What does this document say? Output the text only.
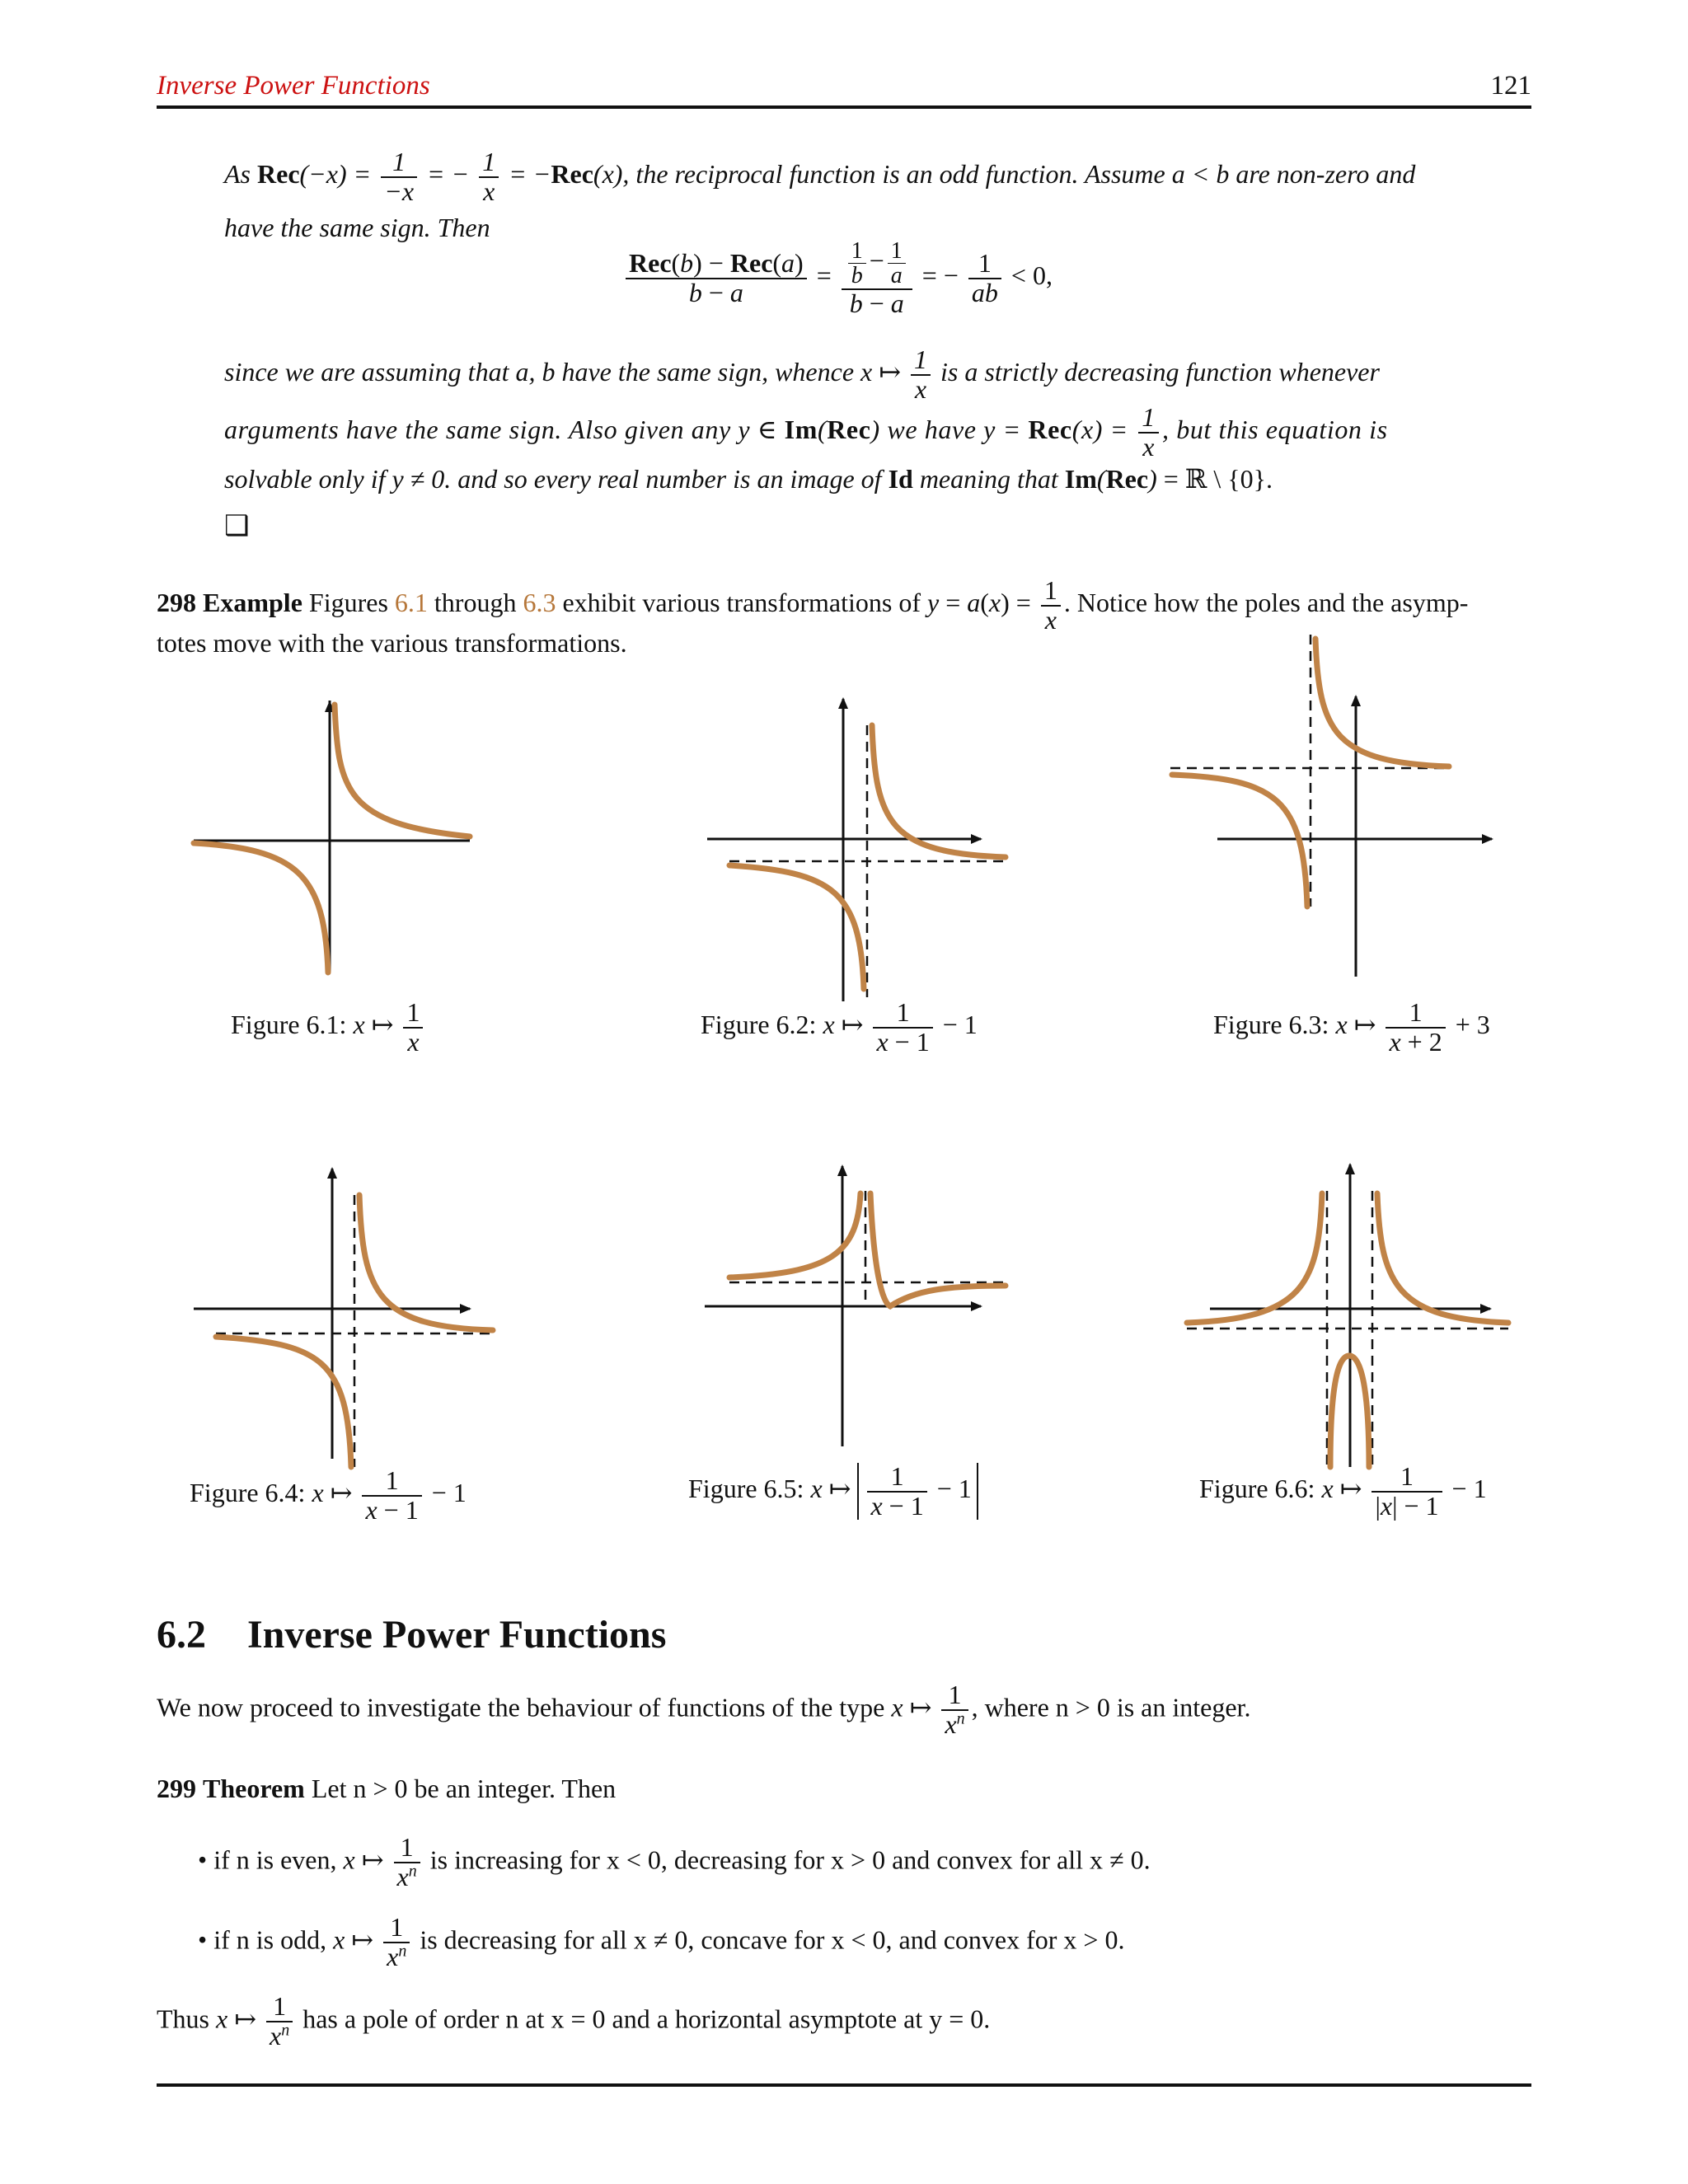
Inverse Power Functions	121
As $Rec(-x) = \frac{1}{-x}$ = − $\frac{1}{x} = -Rec(x)$, the reciprocal function is an odd function. Assume a < b are non-zero and
have the same sign. Then
$\frac{\text{Rec(b) − Rec(a)}}{b - a} = \frac{\frac{1}{b} - \frac{1}{a}}{b - a}$ = − $\frac{1}{ab} < 0$,
since we are assuming that a, b have the same sign, whence x ↦ $\frac{1}{x}$ is a strictly decreasing function whenever
arguments have the same sign. Also given any y ∈ Im(Rec) we have $y = Rec(x) = \frac{1}{x}$ , but this equation is
solvable only if y ≠ 0. and so every real number is an image of Id meaning that Im(Rec) = ℝ \ {0}.
❑
298 Example Figures 6.1 through 6.3 exhibit various transformations of $y = a(x) = \frac{1}{x}$ . Notice how the poles and the asymp-
totes move with the various transformations.
Figure 6.1: x ↦ $\frac{1}{x}$	Figure 6.2: x ↦ $\frac{1}{x - 1} - 1$	Figure 6.3: x ↦ $\frac{1}{x + 2} + 3$
Figure 6.4: x ↦ $\frac{1}{x - 1} - 1$	Figure 6.5: x ↦ $\frac{1}{x - 1} - 1$	Figure 6.6: x ↦ $\frac{1}{|x| - 1} - 1$
6.2 Inverse Power Functions
We now proceed to investigate the behaviour of functions of the type x ↦ $\frac{1}{x^n}$ , where n > 0 is an integer.
299 Theorem Let n > 0 be an integer. Then
• if n is even, x ↦ $\frac{1}{x^n}$ is increasing for x < 0, decreasing for x > 0 and convex for all x ≠ 0.
• if n is odd, x ↦ $\frac{1}{x^n}$ is decreasing for all x ≠ 0, concave for x < 0, and convex for x > 0.
Thus x ↦ $\frac{1}{x^n}$ has a pole of order n at x = 0 and a horizontal asymptote at y = 0.
